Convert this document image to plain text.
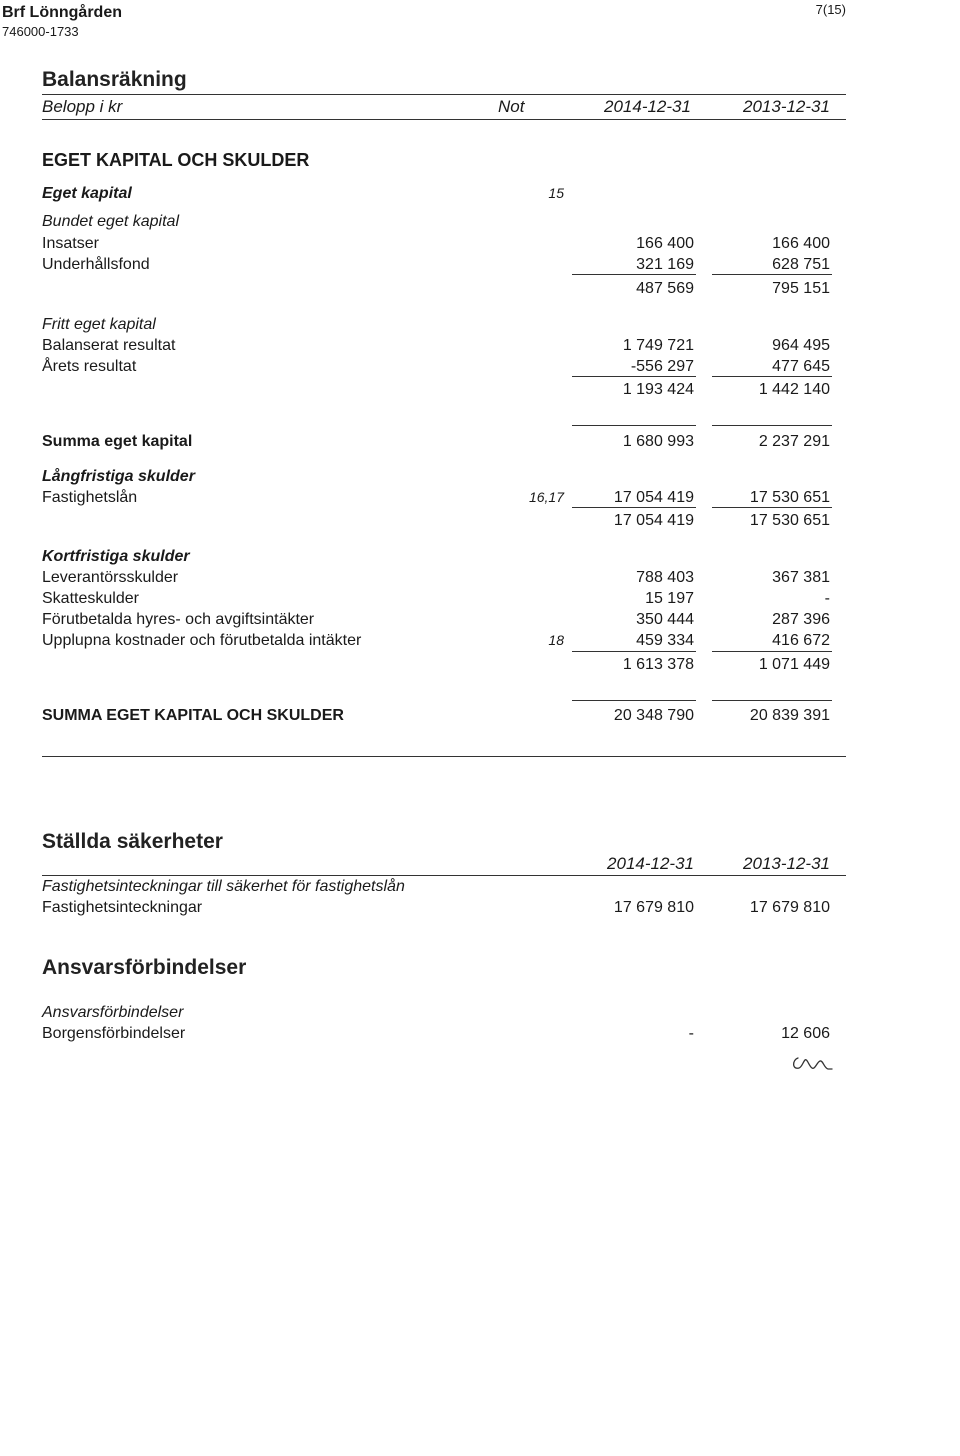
Brf Lönngården
746000-1733
7(15)
Balansräkning
Belopp i kr	Not	2014-12-31	2013-12-31
EGET KAPITAL OCH SKULDER
Eget kapital	15
Bundet eget kapital
Insatser	166 400	166 400
Underhållsfond	321 169	628 751
487 569	795 151
Fritt eget kapital
Balanserat resultat	1 749 721	964 495
Årets resultat	-556 297	477 645
1 193 424	1 442 140
Summa eget kapital	1 680 993	2 237 291
Långfristiga skulder
Fastighetslån	16,17	17 054 419	17 530 651
17 054 419	17 530 651
Kortfristiga skulder
Leverantörsskulder	788 403	367 381
Skatteskulder	15 197	-
Förutbetalda hyres- och avgiftsintäkter	350 444	287 396
Upplupna kostnader och förutbetalda intäkter	18	459 334	416 672
1 613 378	1 071 449
SUMMA EGET KAPITAL OCH SKULDER	20 348 790	20 839 391
Ställda säkerheter
2014-12-31	2013-12-31
Fastighetsinteckningar till säkerhet för fastighetslån
Fastighetsinteckningar	17 679 810	17 679 810
Ansvarsförbindelser
Ansvarsförbindelser
Borgensförbindelser	-	12 606
